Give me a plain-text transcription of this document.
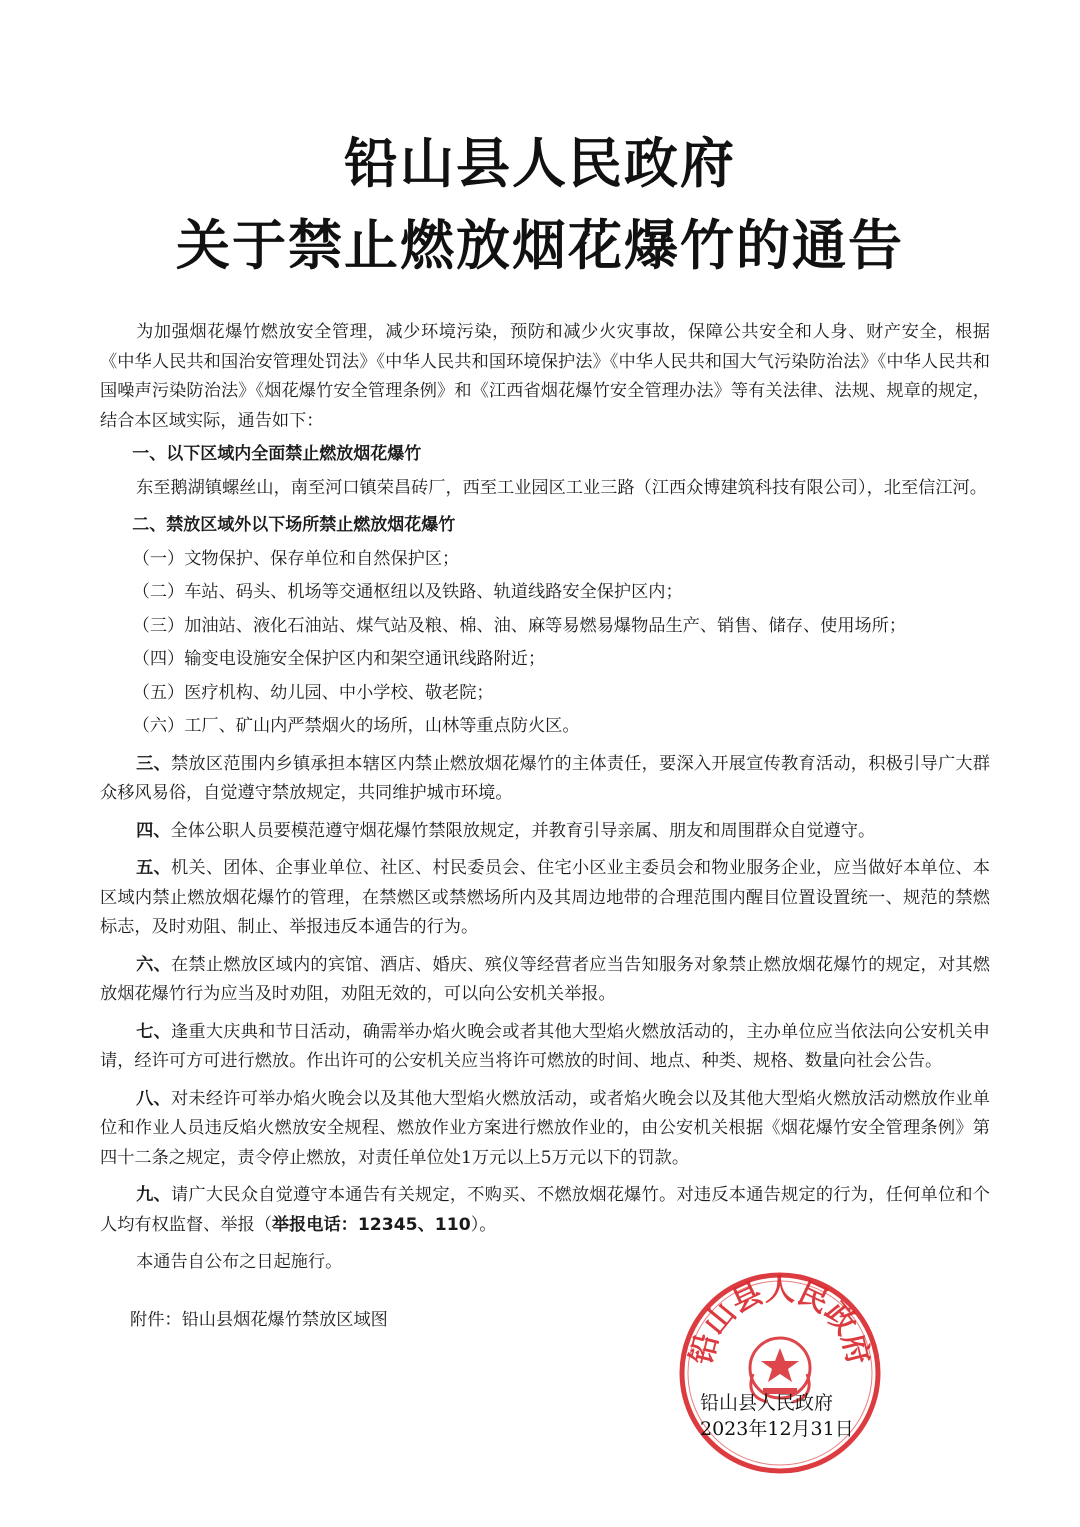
铅山县人民政府
关于禁止燃放烟花爆竹的通告

为加强烟花爆竹燃放安全管理，减少环境污染，预防和减少火灾事故，保障公共安全和人身、财产安全，根据《中华人民共和国治安管理处罚法》《中华人民共和国环境保护法》《中华人民共和国大气污染防治法》《中华人民共和国噪声污染防治法》《烟花爆竹安全管理条例》和《江西省烟花爆竹安全管理办法》等有关法律、法规、规章的规定，结合本区域实际，通告如下：

一、以下区域内全面禁止燃放烟花爆竹

东至鹅湖镇螺丝山，南至河口镇荣昌砖厂，西至工业园区工业三路（江西众博建筑科技有限公司），北至信江河。

二、禁放区域外以下场所禁止燃放烟花爆竹

（一）文物保护、保存单位和自然保护区；

（二）车站、码头、机场等交通枢纽以及铁路、轨道线路安全保护区内；

（三）加油站、液化石油站、煤气站及粮、棉、油、麻等易燃易爆物品生产、销售、储存、使用场所；

（四）输变电设施安全保护区内和架空通讯线路附近；

（五）医疗机构、幼儿园、中小学校、敬老院；

（六）工厂、矿山内严禁烟火的场所，山林等重点防火区。

三、禁放区范围内乡镇承担本辖区内禁止燃放烟花爆竹的主体责任，要深入开展宣传教育活动，积极引导广大群众移风易俗，自觉遵守禁放规定，共同维护城市环境。

四、全体公职人员要模范遵守烟花爆竹禁限放规定，并教育引导亲属、朋友和周围群众自觉遵守。

五、机关、团体、企事业单位、社区、村民委员会、住宅小区业主委员会和物业服务企业，应当做好本单位、本区域内禁止燃放烟花爆竹的管理，在禁燃区或禁燃场所内及其周边地带的合理范围内醒目位置设置统一、规范的禁燃标志，及时劝阻、制止、举报违反本通告的行为。

六、在禁止燃放区域内的宾馆、酒店、婚庆、殡仪等经营者应当告知服务对象禁止燃放烟花爆竹的规定，对其燃放烟花爆竹行为应当及时劝阻，劝阻无效的，可以向公安机关举报。

七、逢重大庆典和节日活动，确需举办焰火晚会或者其他大型焰火燃放活动的，主办单位应当依法向公安机关申请，经许可方可进行燃放。作出许可的公安机关应当将许可燃放的时间、地点、种类、规格、数量向社会公告。

八、对未经许可举办焰火晚会以及其他大型焰火燃放活动，或者焰火晚会以及其他大型焰火燃放活动燃放作业单位和作业人员违反焰火燃放安全规程、燃放作业方案进行燃放作业的，由公安机关根据《烟花爆竹安全管理条例》第四十二条之规定，责令停止燃放，对责任单位处1万元以上5万元以下的罚款。

九、请广大民众自觉遵守本通告有关规定，不购买、不燃放烟花爆竹。对违反本通告规定的行为，任何单位和个人均有权监督、举报（举报电话：12345、110）。

本通告自公布之日起施行。

附件：铅山县烟花爆竹禁放区域图
铅山县人民政府
铅山县人民政府
2023年12月31日
